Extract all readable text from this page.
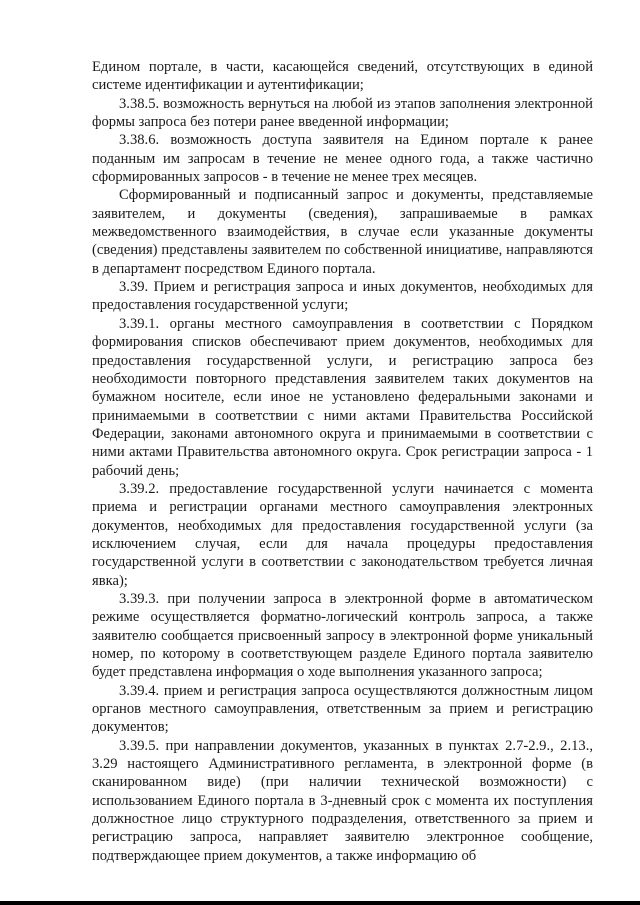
Едином портале, в части, касающейся сведений, отсутствующих в единой системе идентификации и аутентификации;

3.38.5. возможность вернуться на любой из этапов заполнения электронной формы запроса без потери ранее введенной информации;

3.38.6. возможность доступа заявителя на Едином портале к ранее поданным им запросам в течение не менее одного года, а также частично сформированных запросов - в течение не менее трех месяцев.

Сформированный и подписанный запрос и документы, представляемые заявителем, и документы (сведения), запрашиваемые в рамках межведомственного взаимодействия, в случае если указанные документы (сведения) представлены заявителем по собственной инициативе, направляются в департамент посредством Единого портала.

3.39. Прием и регистрация запроса и иных документов, необходимых для предоставления государственной услуги;

3.39.1. органы местного самоуправления в соответствии с Порядком формирования списков обеспечивают прием документов, необходимых для предоставления государственной услуги, и регистрацию запроса без необходимости повторного представления заявителем таких документов на бумажном носителе, если иное не установлено федеральными законами и принимаемыми в соответствии с ними актами Правительства Российской Федерации, законами автономного округа и принимаемыми в соответствии с ними актами Правительства автономного округа. Срок регистрации запроса - 1 рабочий день;

3.39.2. предоставление государственной услуги начинается с момента приема и регистрации органами местного самоуправления электронных документов, необходимых для предоставления государственной услуги (за исключением случая, если для начала процедуры предоставления государственной услуги в соответствии с законодательством требуется личная явка);

3.39.3. при получении запроса в электронной форме в автоматическом режиме осуществляется форматно-логический контроль запроса, а также заявителю сообщается присвоенный запросу в электронной форме уникальный номер, по которому в соответствующем разделе Единого портала заявителю будет представлена информация о ходе выполнения указанного запроса;

3.39.4. прием и регистрация запроса осуществляются должностным лицом органов местного самоуправления, ответственным за прием и регистрацию документов;

3.39.5. при направлении документов, указанных в пунктах 2.7-2.9., 2.13., 3.29 настоящего Административного регламента, в электронной форме (в сканированном виде) (при наличии технической возможности) с использованием Единого портала в 3-дневный срок с момента их поступления должностное лицо структурного подразделения, ответственного за прием и регистрацию запроса, направляет заявителю электронное сообщение, подтверждающее прием документов, а также информацию об
